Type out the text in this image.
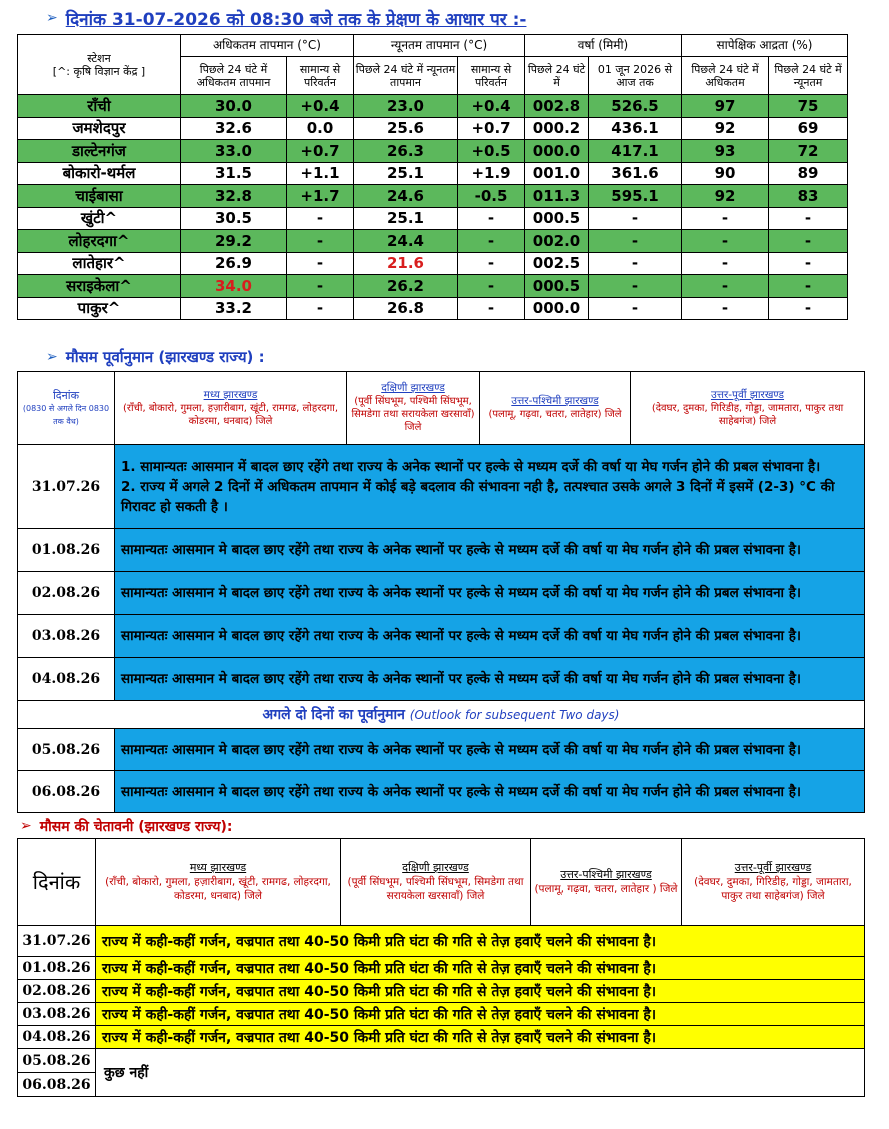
➢ दिनांक 31-07-2026 को 08:30 बजे तक के प्रेक्षण के आधार पर :-
स्टेशन
[^: कृषि विज्ञान केंद्र ]	अधिकतम तापमान (°C)		न्यूनतम तापमान (°C)		वर्षा (मिमी)		सापेक्षिक आद्रता (%)	
	पिछले 24 घंटे में अधिकतम तापमान	सामान्य से परिवर्तन	पिछले 24 घंटे में न्यूनतम तापमान	सामान्य से परिवर्तन	पिछले 24 घंटे में	01 जून 2026 से आज तक	पिछले 24 घंटे में अधिकतम	पिछले 24 घंटे में न्यूनतम
राँची	30.0	+0.4	23.0	+0.4	002.8	526.5	97	75
जमशेदपुर	32.6	0.0	25.6	+0.7	000.2	436.1	92	69
डाल्टेनगंज	33.0	+0.7	26.3	+0.5	000.0	417.1	93	72
बोकारो-थर्मल	31.5	+1.1	25.1	+1.9	001.0	361.6	90	89
चाईबासा	32.8	+1.7	24.6	-0.5	011.3	595.1	92	83
खुंटी^	30.5	-	25.1	-	000.5	-	-	-
लोहरदगा^	29.2	-	24.4	-	002.0	-	-	-
लातेहार^	26.9	-	21.6	-	002.5	-	-	-
सराइकेला^	34.0	-	26.2	-	000.5	-	-	-
पाकुर^	33.2	-	26.8	-	000.0	-	-	-
➢ मौसम पूर्वानुमान (झारखण्ड राज्य) :
दिनांक
(0830 से अगले दिन 0830 तक वैध)	मध्य झारखण्ड
(राँची, बोकारो, गुमला, हज़ारीबाग, खूंटी, रामगढ, लोहरदगा, कोडरमा, धनबाद) जिले	दक्षिणी झारखण्ड
(पूर्वी सिंघभूम, पश्चिमी सिंघभूम, सिमडेगा तथा सरायकेला खरसावाँ) जिले	उत्तर-पश्चिमी झारखण्ड
(पलामू, गढ़वा, चतरा, लातेहार) जिले	उत्तर-पूर्वी झारखण्ड
(देवघर, दुमका, गिरिडीह, गोड्डा, जामतारा, पाकुर तथा साहेबगंज) जिले
31.07.26	1. सामान्यतः आसमान में बादल छाए रहेंगे तथा राज्य के अनेक स्थानों पर हल्के से मध्यम दर्जे की वर्षा या मेघ गर्जन होने की प्रबल संभावना है।
2. राज्य में अगले 2 दिनों में अधिकतम तापमान में कोई बड़े बदलाव की संभावना नही है, तत्पश्चात उसके अगले 3 दिनों में इसमें (2-3) °C की गिरावट हो सकती है ।			

01.08.26	सामान्यतः आसमान मे बादल छाए रहेंगे तथा राज्य के अनेक स्थानों पर हल्के से मध्यम दर्जे की वर्षा या मेघ गर्जन होने की प्रबल संभावना है।			
02.08.26	सामान्यतः आसमान मे बादल छाए रहेंगे तथा राज्य के अनेक स्थानों पर हल्के से मध्यम दर्जे की वर्षा या मेघ गर्जन होने की प्रबल संभावना है।			
03.08.26	सामान्यतः आसमान मे बादल छाए रहेंगे तथा राज्य के अनेक स्थानों पर हल्के से मध्यम दर्जे की वर्षा या मेघ गर्जन होने की प्रबल संभावना है।			
04.08.26	सामान्यतः आसमान मे बादल छाए रहेंगे तथा राज्य के अनेक स्थानों पर हल्के से मध्यम दर्जे की वर्षा या मेघ गर्जन होने की प्रबल संभावना है।			
अगले दो दिनों का पूर्वानुमान (Outlook for subsequent Two days)				
05.08.26	सामान्यतः आसमान मे बादल छाए रहेंगे तथा राज्य के अनेक स्थानों पर हल्के से मध्यम दर्जे की वर्षा या मेघ गर्जन होने की प्रबल संभावना है।			
06.08.26	सामान्यतः आसमान मे बादल छाए रहेंगे तथा राज्य के अनेक स्थानों पर हल्के से मध्यम दर्जे की वर्षा या मेघ गर्जन होने की प्रबल संभावना है।			
➢ मौसम की चेतावनी (झारखण्ड राज्य):
दिनांक	मध्य झारखण्ड
(राँची, बोकारो, गुमला, हज़ारीबाग, खूंटी, रामगढ, लोहरदगा, कोडरमा, धनबाद) जिले	दक्षिणी झारखण्ड
(पूर्वी सिंघभूम, पश्चिमी सिंघभूम, सिमडेगा तथा सरायकेला खरसावाँ) जिले	उत्तर-पश्चिमी झारखण्ड
(पलामू, गढ़वा, चतरा, लातेहार ) जिले	उत्तर-पूर्वी झारखण्ड
(देवघर, दुमका, गिरिडीह, गोड्डा, जामतारा, पाकुर तथा साहेबगंज) जिले
31.07.26	राज्य में कही-कहीं गर्जन, वज्रपात तथा 40-50 किमी प्रति घंटा की गति से तेज़ हवाएँ चलने की संभावना है।			
01.08.26	राज्य में कही-कहीं गर्जन, वज्रपात तथा 40-50 किमी प्रति घंटा की गति से तेज़ हवाएँ चलने की संभावना है।			
02.08.26	राज्य में कही-कहीं गर्जन, वज्रपात तथा 40-50 किमी प्रति घंटा की गति से तेज़ हवाएँ चलने की संभावना है।			
03.08.26	राज्य में कही-कहीं गर्जन, वज्रपात तथा 40-50 किमी प्रति घंटा की गति से तेज़ हवाएँ चलने की संभावना है।			
04.08.26	राज्य में कही-कहीं गर्जन, वज्रपात तथा 40-50 किमी प्रति घंटा की गति से तेज़ हवाएँ चलने की संभावना है।			
05.08.26	कुछ नहीं			
06.08.26				
